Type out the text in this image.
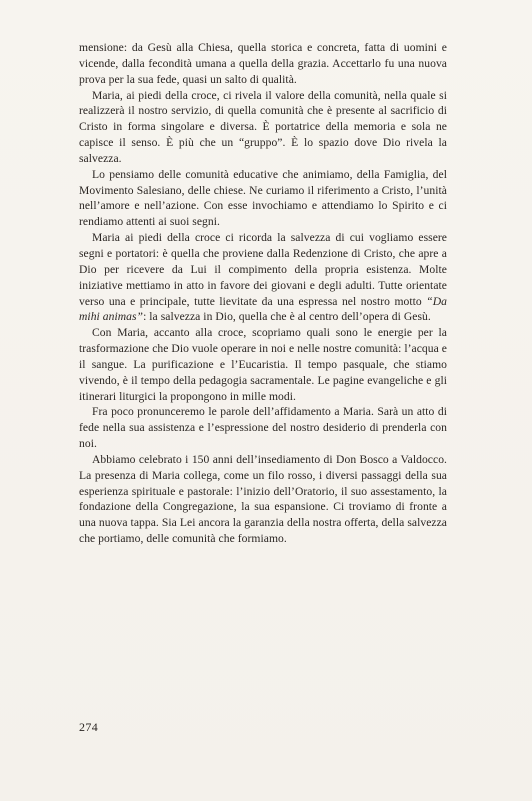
mensione: da Gesù alla Chiesa, quella storica e concreta, fatta di uomini e vicende, dalla fecondità umana a quella della grazia. Accettarlo fu una nuova prova per la sua fede, quasi un salto di qualità.

Maria, ai piedi della croce, ci rivela il valore della comunità, nella quale si realizzerà il nostro servizio, di quella comunità che è presente al sacrificio di Cristo in forma singolare e diversa. È portatrice della memoria e sola ne capisce il senso. È più che un “gruppo”. È lo spazio dove Dio rivela la salvezza.

Lo pensiamo delle comunità educative che animiamo, della Famiglia, del Movimento Salesiano, delle chiese. Ne curiamo il riferimento a Cristo, l’unità nell’amore e nell’azione. Con esse invochiamo e attendiamo lo Spirito e ci rendiamo attenti ai suoi segni.

Maria ai piedi della croce ci ricorda la salvezza di cui vogliamo essere segni e portatori: è quella che proviene dalla Redenzione di Cristo, che apre a Dio per ricevere da Lui il compimento della propria esistenza. Molte iniziative mettiamo in atto in favore dei giovani e degli adulti. Tutte orientate verso una e principale, tutte lievitate da una espressa nel nostro motto “Da mihi animas”: la salvezza in Dio, quella che è al centro dell’opera di Gesù.

Con Maria, accanto alla croce, scopriamo quali sono le energie per la trasformazione che Dio vuole operare in noi e nelle nostre comunità: l’acqua e il sangue. La purificazione e l’Eucaristia. Il tempo pasquale, che stiamo vivendo, è il tempo della pedagogia sacramentale. Le pagine evangeliche e gli itinerari liturgici la propongono in mille modi.

Fra poco pronunceremo le parole dell’affidamento a Maria. Sarà un atto di fede nella sua assistenza e l’espressione del nostro desiderio di prenderla con noi.

Abbiamo celebrato i 150 anni dell’insediamento di Don Bosco a Valdocco. La presenza di Maria collega, come un filo rosso, i diversi passaggi della sua esperienza spirituale e pastorale: l’inizio dell’Oratorio, il suo assestamento, la fondazione della Congregazione, la sua espansione. Ci troviamo di fronte a una nuova tappa. Sia Lei ancora la garanzia della nostra offerta, della salvezza che portiamo, delle comunità che formiamo.

274
